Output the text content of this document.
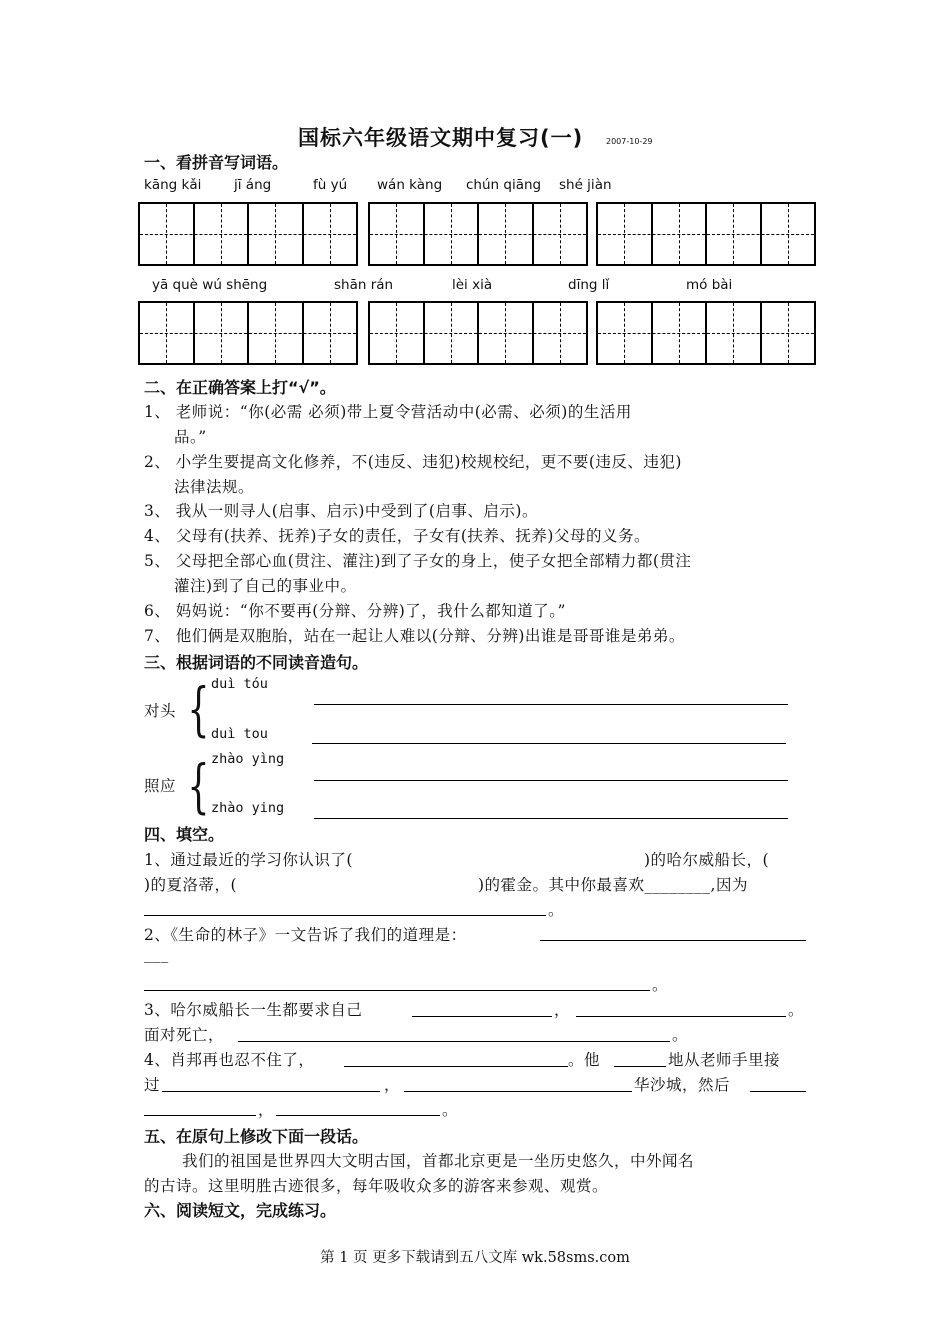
国标六年级语文期中复习(一)	2007-10-29
一、看拼音写词语。
kāng kǎi jī áng	fù yú wán kàng chún qiāng shé jiàn
yā què wú shēng	shān rán	lèi xià	dīng lǐ	mó bài
二、在正确答案上打“√”。
1、 老师说：“你(必需 必须)带上夏令营活动中(必需、必须)的生活用
品。”
2、 小学生要提高文化修养，不(违反、违犯)校规校纪，更不要(违反、违犯)
法律法规。
3、 我从一则寻人(启事、启示)中受到了(启事、启示)。
4、 父母有(扶养、抚养)子女的责任，子女有(扶养、抚养)父母的义务。
5、 父母把全部心血(贯注、灌注)到了子女的身上，使子女把全部精力都(贯注
灌注)到了自己的事业中。
6、 妈妈说：“你不要再(分辩、分辨)了，我什么都知道了。”
7、 他们俩是双胞胎，站在一起让人难以(分辩、分辨)出谁是哥哥谁是弟弟。
三、根据词语的不同读音造句。
duì tóu
对头 { duì tou
zhào yìng
照应 { zhào ying
四、填空。
1、通过最近的学习你认识了(	)的哈尔威船长，(
)的夏洛蒂，(	)的霍金。其中你最喜欢________,因为
。
2、《生命的林子》一文告诉了我们的道理是：
___
。
3、哈尔威船长一生都要求自己	，	。
面对死亡，	。
4、肖邦再也忍不住了，	。他	地从老师手里接
过	，	华沙城，然后
，	。
五、在原句上修改下面一段话。
我们的祖国是世界四大文明古国，首都北京更是一坐历史悠久，中外闻名
的古诗。这里明胜古迹很多，每年吸收众多的游客来参观、观赏。
六、阅读短文，完成练习。
第 1 页 更多下载请到五八文库 wk.58sms.com
